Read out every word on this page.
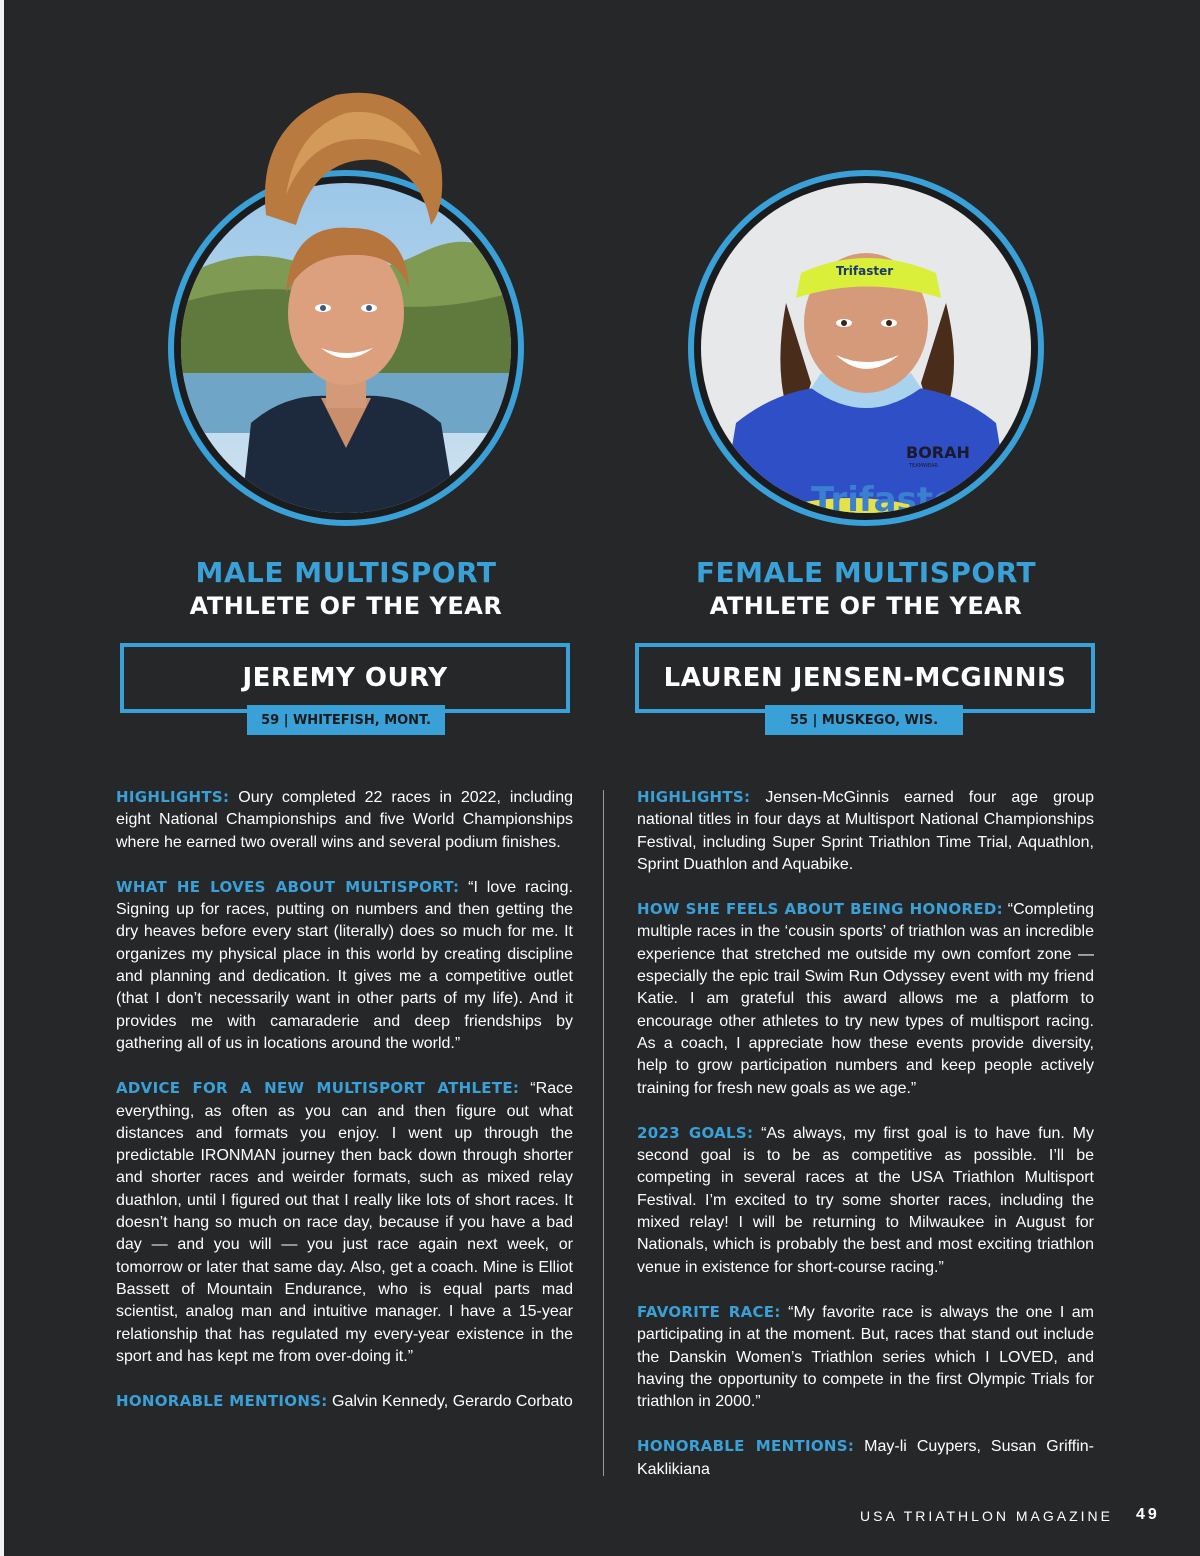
MALE MULTISPORT
ATHLETE OF THE YEAR
JEREMY OURY
59 | WHITEFISH, MONT.

HIGHLIGHTS: Oury completed 22 races in 2022, including eight National Championships and five World Championships where he earned two overall wins and several podium finishes.

WHAT HE LOVES ABOUT MULTISPORT: “I love racing. Signing up for races, putting on numbers and then getting the dry heaves before every start (literally) does so much for me. It organizes my physical place in this world by creating discipline and planning and dedication. It gives me a competitive outlet (that I don’t necessarily want in other parts of my life). And it provides me with camaraderie and deep friendships by gathering all of us in locations around the world.”

ADVICE FOR A NEW MULTISPORT ATHLETE: “Race everything, as often as you can and then figure out what distances and formats you enjoy. I went up through the predictable IRONMAN journey then back down through shorter and shorter races and weirder formats, such as mixed relay duathlon, until I figured out that I really like lots of short races. It doesn’t hang so much on race day, because if you have a bad day — and you will — you just race again next week, or tomorrow or later that same day. Also, get a coach. Mine is Elliot Bassett of Mountain Endurance, who is equal parts mad scientist, analog man and intuitive manager. I have a 15-year relationship that has regulated my every-year existence in the sport and has kept me from over-doing it.”

HONORABLE MENTIONS: Galvin Kennedy, Gerardo Corbato

BORAH
TEAMWEAR
Trifaster
Trifaster
FEMALE MULTISPORT
ATHLETE OF THE YEAR
LAUREN JENSEN-MCGINNIS
55 | MUSKEGO, WIS.

HIGHLIGHTS: Jensen-McGinnis earned four age group national titles in four days at Multisport National Championships Festival, including Super Sprint Triathlon Time Trial, Aquathlon, Sprint Duathlon and Aquabike.

HOW SHE FEELS ABOUT BEING HONORED: “Completing multiple races in the ‘cousin sports’ of triathlon was an incredible experience that stretched me outside my own comfort zone — especially the epic trail Swim Run Odyssey event with my friend Katie. I am grateful this award allows me a platform to encourage other athletes to try new types of multisport racing. As a coach, I appreciate how these events provide diversity, help to grow participation numbers and keep people actively training for fresh new goals as we age.”

2023 GOALS: “As always, my first goal is to have fun. My second goal is to be as competitive as possible. I’ll be competing in several races at the USA Triathlon Multisport Festival. I’m excited to try some shorter races, including the mixed relay! I will be returning to Milwaukee in August for Nationals, which is probably the best and most exciting triathlon venue in existence for short-course racing.”

FAVORITE RACE: “My favorite race is always the one I am participating in at the moment. But, races that stand out include the Danskin Women’s Triathlon series which I LOVED, and having the opportunity to compete in the first Olympic Trials for triathlon in 2000.”

HONORABLE MENTIONS: May-li Cuypers, Susan Griffin-Kaklikiana

USA TRIATHLON MAGAZINE 49
